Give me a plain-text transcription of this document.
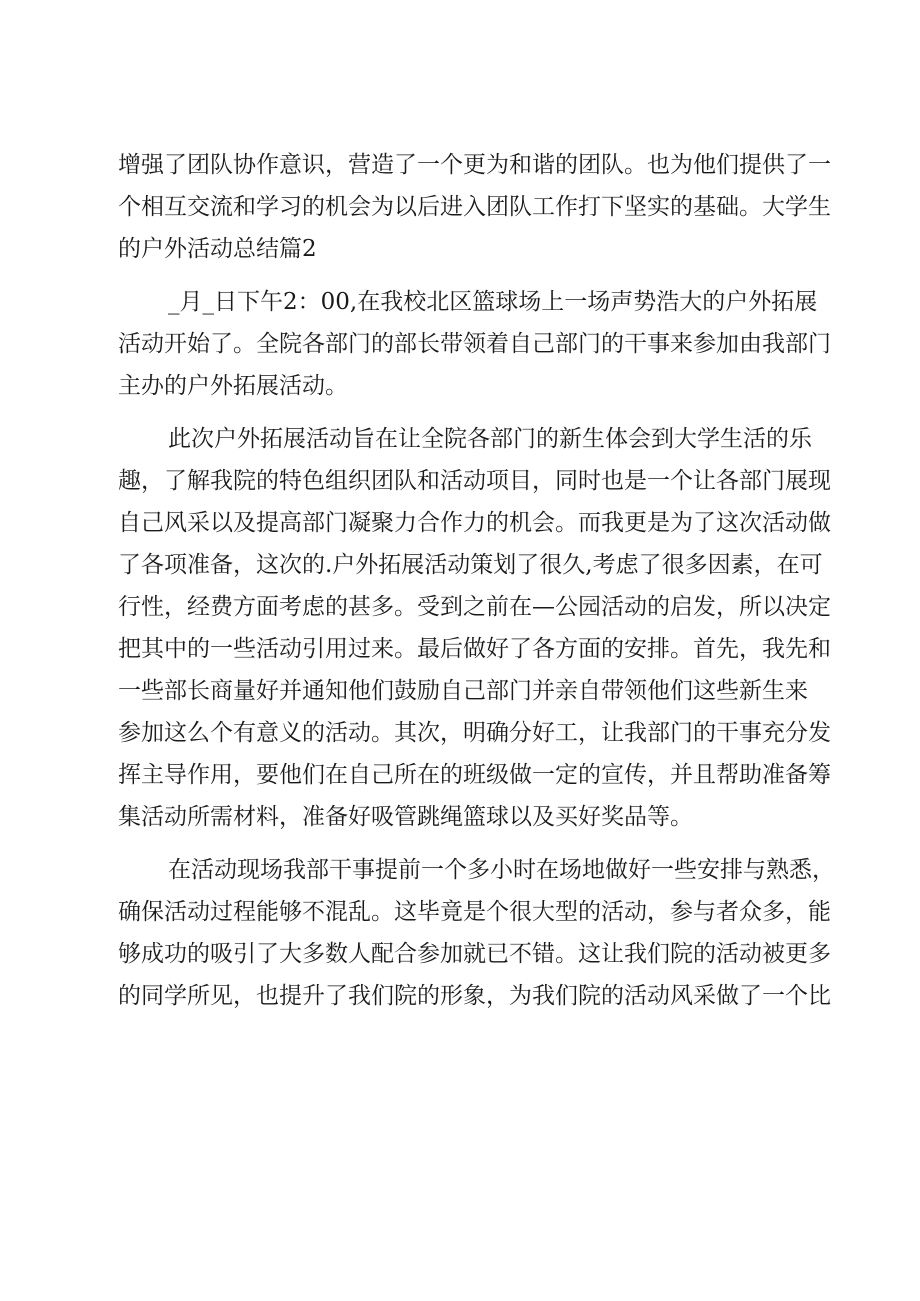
增强了团队协作意识，营造了一个更为和谐的团队。也为他们提供了一
个相互交流和学习的机会为以后进入团队工作打下坚实的基础。大学生
的户外活动总结篇2
_月_日下午2：00,在我校北区篮球场上一场声势浩大的户外拓展
活动开始了。全院各部门的部长带领着自己部门的干事来参加由我部门
主办的户外拓展活动。
此次户外拓展活动旨在让全院各部门的新生体会到大学生活的乐
趣，了解我院的特色组织团队和活动项目，同时也是一个让各部门展现
自己风采以及提高部门凝聚力合作力的机会。而我更是为了这次活动做
了各项准备，这次的.户外拓展活动策划了很久,考虑了很多因素，在可
行性，经费方面考虑的甚多。受到之前在—公园活动的启发，所以决定
把其中的一些活动引用过来。最后做好了各方面的安排。首先，我先和
一些部长商量好并通知他们鼓励自己部门并亲自带领他们这些新生来
参加这么个有意义的活动。其次，明确分好工，让我部门的干事充分发
挥主导作用，要他们在自己所在的班级做一定的宣传，并且帮助准备筹
集活动所需材料，准备好吸管跳绳篮球以及买好奖品等。
在活动现场我部干事提前一个多小时在场地做好一些安排与熟悉，
确保活动过程能够不混乱。这毕竟是个很大型的活动，参与者众多，能
够成功的吸引了大多数人配合参加就已不错。这让我们院的活动被更多
的同学所见，也提升了我们院的形象，为我们院的活动风采做了一个比
